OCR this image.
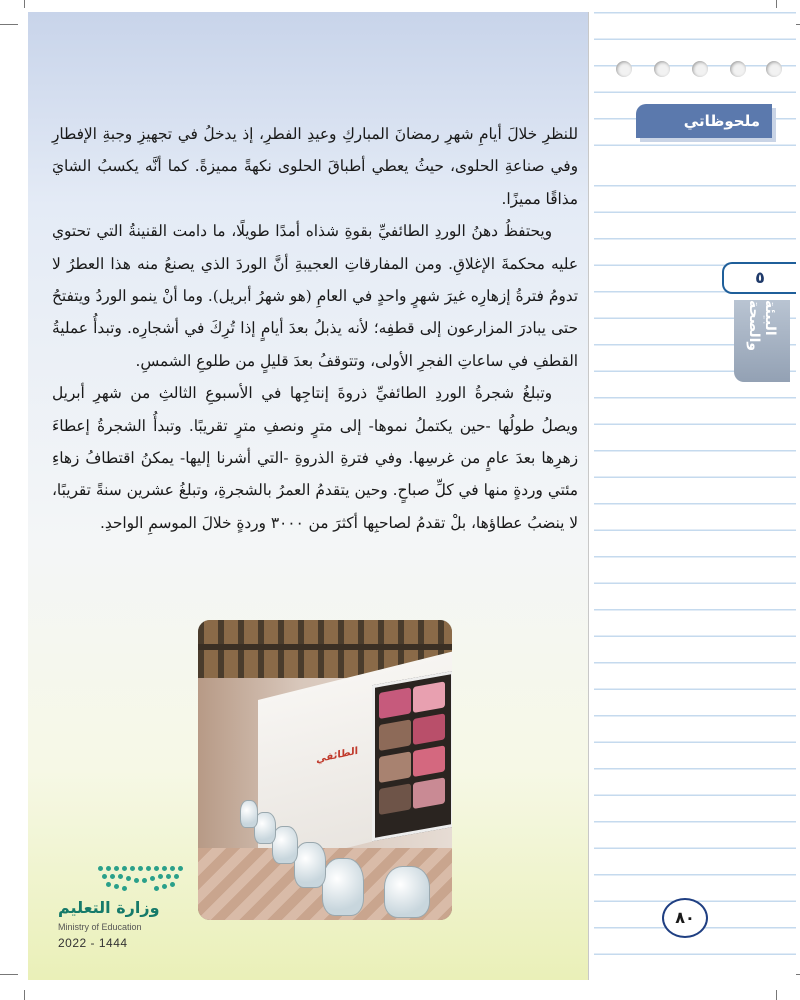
للنظرِ خلالَ أيامِ شهرِ رمضانَ المباركِ وعيدِ الفطرِ، إذ يدخلُ في تجهيزِ وجبةِ الإفطارِ وفي صناعةِ الحلوى، حيثُ يعطي أطباقَ الحلوى نكهةً مميزةً. كما أنَّه يكسبُ الشايَ مذاقًا مميزًا.

ويحتفظُ دهنُ الوردِ الطائفيِّ بقوةِ شذاه أمدًا طويلًا، ما دامت القنينةُ التي تحتوي عليه محكمةَ الإغلاقِ. ومن المفارقاتِ العجيبةِ أنَّ الوردَ الذي يصنعُ منه هذا العطرُ لا تدومُ فترةُ إزهارِه غيرَ شهرٍ واحدٍ في العامِ (هو شهرُ أبريل). وما أنْ ينمو الوردُ ويتفتحُ حتى يبادرَ المزارعون إلى قطفِه؛ لأنه يذبلُ بعدَ أيامٍ إذا تُرِكَ في أشجارِه. وتبدأُ عمليةُ القطفِ في ساعاتِ الفجرِ الأولى، وتتوقفُ بعدَ قليلٍ من طلوعِ الشمسِ.

وتبلغُ شجرةُ الوردِ الطائفيِّ ذروةَ إنتاجِها في الأسبوعِ الثالثِ من شهرِ أبريل ويصلُ طولُها -حين يكتملُ نموها- إلى مترٍ ونصفِ مترٍ تقريبًا. وتبدأُ الشجرةُ إعطاءَ زهرِها بعدَ عامٍ من غرسِها. وفي فترةِ الذروةِ -التي أشرنا إليها- يمكنُ اقتطافُ زهاءِ مئتي وردةٍ منها في كلِّ صباحٍ. وحين يتقدمُ العمرُ بالشجرةِ، وتبلغُ عشرين سنةً تقريبًا، لا ينضبُ عطاؤها، بلْ تقدمُ لصاحبِها أكثرَ من ٣٠٠٠ وردةٍ خلالَ الموسمِ الواحدِ.

الطائفي
وزارة التعليم
Ministry of Education
2022 - 1444
ملحوظاتي
٥
البيئة والصحة
٨٠
